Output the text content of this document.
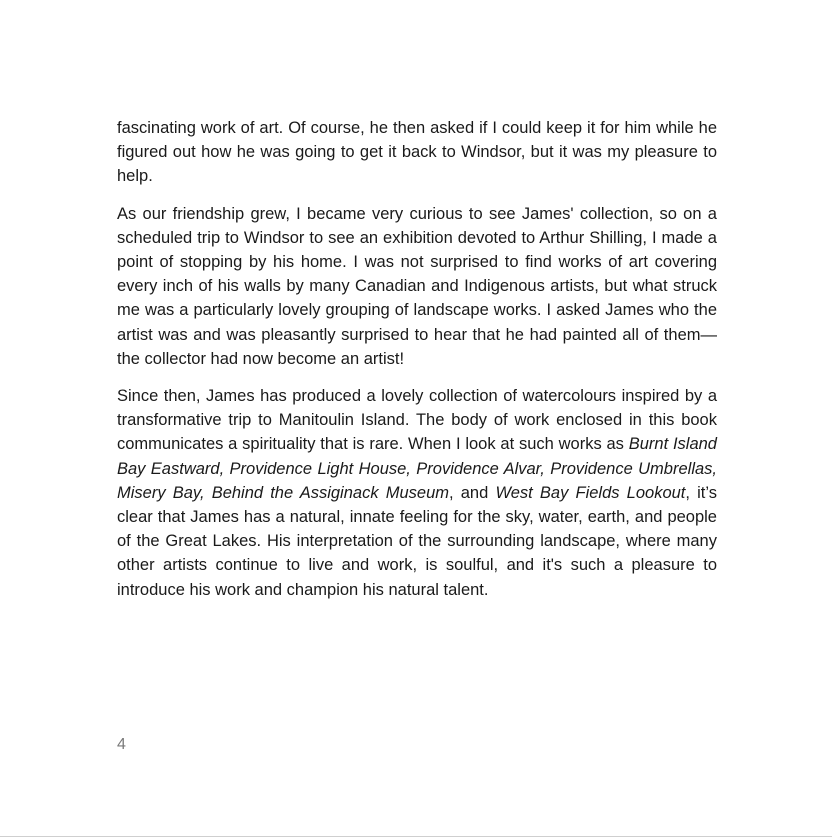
fascinating work of art. Of course, he then asked if I could keep it for him while he figured out how he was going to get it back to Windsor, but it was my pleasure to help.

As our friendship grew, I became very curious to see James' collection, so on a scheduled trip to Windsor to see an exhibition devoted to Arthur Shilling, I made a point of stopping by his home. I was not surprised to find works of art covering every inch of his walls by many Canadian and Indigenous artists, but what struck me was a particularly lovely grouping of landscape works. I asked James who the artist was and was pleasantly surprised to hear that he had painted all of them—the collector had now become an artist!

Since then, James has produced a lovely collection of watercolours inspired by a transformative trip to Manitoulin Island. The body of work enclosed in this book communicates a spirituality that is rare. When I look at such works as Burnt Island Bay Eastward, Providence Light House, Providence Alvar, Providence Umbrellas, Misery Bay, Behind the Assiginack Museum, and West Bay Fields Lookout, it’s clear that James has a natural, innate feeling for the sky, water, earth, and people of the Great Lakes. His interpretation of the surrounding landscape, where many other artists continue to live and work, is soulful, and it's such a pleasure to introduce his work and champion his natural talent.

4
